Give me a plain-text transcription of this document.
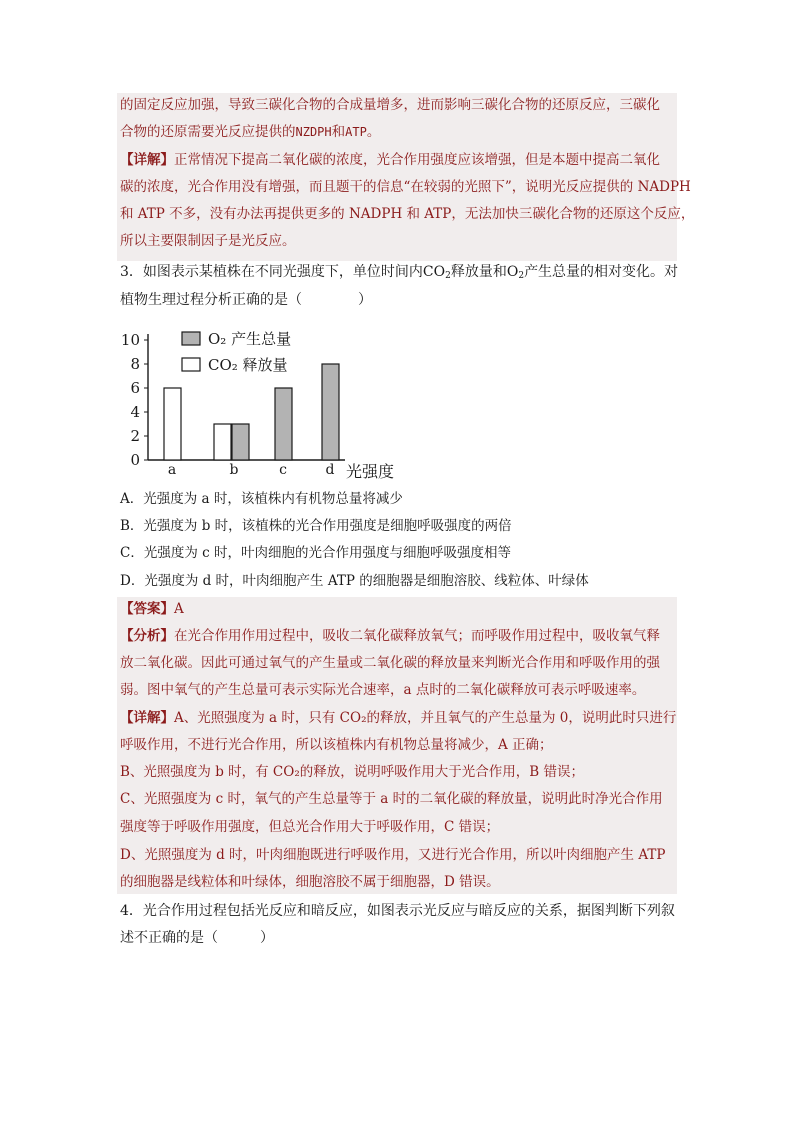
的固定反应加强，导致三碳化合物的合成量增多，进而影响三碳化合物的还原反应，三碳化
合物的还原需要光反应提供的NZDPH和ATP。
【详解】正常情况下提高二氧化碳的浓度，光合作用强度应该增强，但是本题中提高二氧化
碳的浓度，光合作用没有增强，而且题干的信息“在较弱的光照下”，说明光反应提供的 NADPH
和 ATP 不多，没有办法再提供更多的 NADPH 和 ATP，无法加快三碳化合物的还原这个反应，
所以主要限制因子是光反应。
3．如图表示某植株在不同光强度下，单位时间内$CO_2$释放量和$O_2$产生总量的相对变化。对
植物生理过程分析正确的是（　　　　）
0
2
4
6
8
10
a	b	c	d 光强度
O₂ 产生总量
CO₂ 释放量
A．光强度为 a 时，该植株内有机物总量将减少
B．光强度为 b 时，该植株的光合作用强度是细胞呼吸强度的两倍
C．光强度为 c 时，叶肉细胞的光合作用强度与细胞呼吸强度相等
D．光强度为 d 时，叶肉细胞产生 ATP 的细胞器是细胞溶胶、线粒体、叶绿体
【答案】A
【分析】在光合作用作用过程中，吸收二氧化碳释放氧气；而呼吸作用过程中，吸收氧气释
放二氧化碳。因此可通过氧气的产生量或二氧化碳的释放量来判断光合作用和呼吸作用的强
弱。图中氧气的产生总量可表示实际光合速率，a 点时的二氧化碳释放可表示呼吸速率。
【详解】A、光照强度为 a 时，只有 CO₂的释放，并且氧气的产生总量为 0，说明此时只进行
呼吸作用，不进行光合作用，所以该植株内有机物总量将减少，A 正确；
B、光照强度为 b 时，有 CO₂的释放，说明呼吸作用大于光合作用，B 错误；
C、光照强度为 c 时，氧气的产生总量等于 a 时的二氧化碳的释放量，说明此时净光合作用
强度等于呼吸作用强度，但总光合作用大于呼吸作用，C 错误；
D、光照强度为 d 时，叶肉细胞既进行呼吸作用，又进行光合作用，所以叶肉细胞产生 ATP
的细胞器是线粒体和叶绿体，细胞溶胶不属于细胞器，D 错误。
4．光合作用过程包括光反应和暗反应，如图表示光反应与暗反应的关系，据图判断下列叙
述不正确的是（　　　）
